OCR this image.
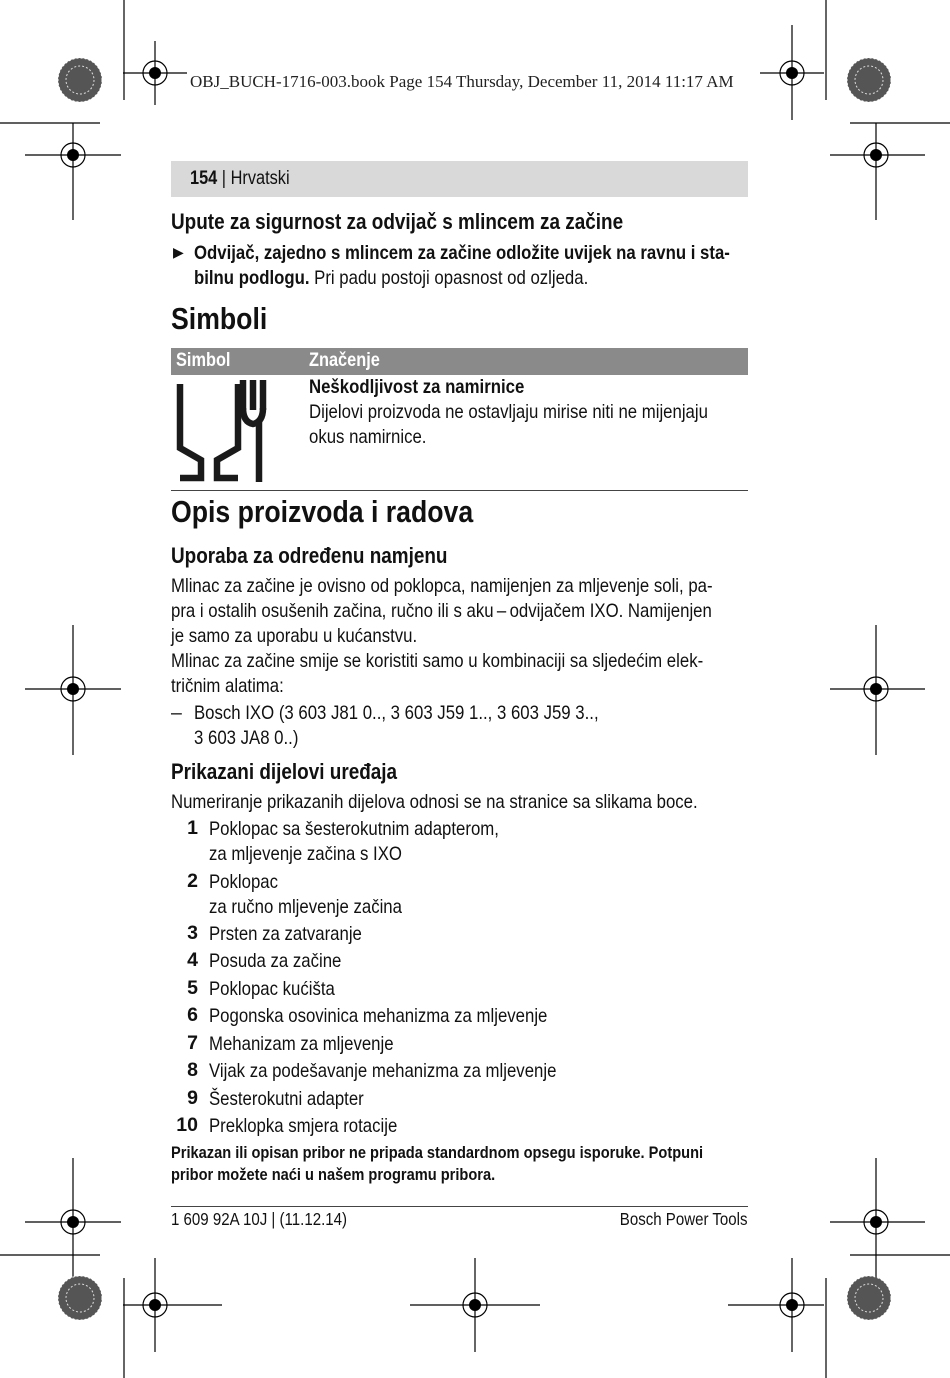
OBJ_BUCH-1716-003.book Page 154 Thursday, December 11, 2014 11:17 AM
154 | Hrvatski
Upute za sigurnost za odvijač s mlincem za začine
▶ Odvijač, zajedno s mlincem za začine odložite uvijek na ravnu i sta-
bilnu podlogu. Pri padu postoji opasnost od ozljeda.
Simboli
Simbol	Značenje
Neškodljivost za namirnice
Dijelovi proizvoda ne ostavljaju mirise niti ne mijenjaju
okus namirnice.
Opis proizvoda i radova
Uporaba za određenu namjenu
Mlinac za začine je ovisno od poklopca, namijenjen za mljevenje soli, pa-
pra i ostalih osušenih začina, ručno ili s aku – odvijačem IXO. Namijenjen
je samo za uporabu u kućanstvu.
Mlinac za začine smije se koristiti samo u kombinaciji sa sljedećim elek-
tričnim alatima:
– Bosch IXO (3 603 J81 0.., 3 603 J59 1.., 3 603 J59 3..,
3 603 JA8 0..)
Prikazani dijelovi uređaja
Numeriranje prikazanih dijelova odnosi se na stranice sa slikama boce.
1 Poklopac sa šesterokutnim adapterom,
za mljevenje začina s IXO
2 Poklopac
za ručno mljevenje začina
3 Prsten za zatvaranje
4 Posuda za začine
5 Poklopac kućišta
6 Pogonska osovinica mehanizma za mljevenje
7 Mehanizam za mljevenje
8 Vijak za podešavanje mehanizma za mljevenje
9 Šesterokutni adapter
10 Preklopka smjera rotacije
Prikazan ili opisan pribor ne pripada standardnom opsegu isporuke. Potpuni
pribor možete naći u našem programu pribora.
1 609 92A 10J | (11.12.14)	Bosch Power Tools
